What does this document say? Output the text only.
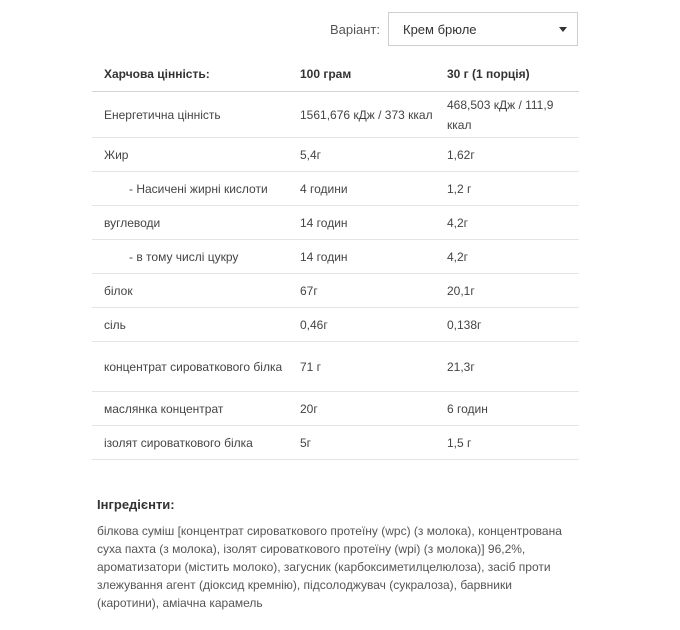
Варіант: Крем брюле
Харчова цінність:	100 грам	30 г (1 порція)
Енергетична цінність	1561,676 кДж / 373 ккал	468,503 кДж / 111,9 ккал
Жир	5,4г	1,62г
- Насичені жирні кислоти	4 години	1,2 г
вуглеводи	14 годин	4,2г
- в тому числі цукру	14 годин	4,2г
білок	67г	20,1г
сіль	0,46г	0,138г
концентрат сироваткового білка	71 г	21,3г
маслянка концентрат	20г	6 годин
ізолят сироваткового білка	5г	1,5 г
Інгредієнти:
білкова суміш [концентрат сироваткового протеїну (wpc) (з молока), концентрована суха пахта (з молока), ізолят сироваткового протеїну (wpi) (з молока)] 96,2%, ароматизатори (містить молоко), загусник (карбоксиметилцелюлоза), засіб проти злежування агент (діоксид кремнію), підсолоджувач (сукралоза), барвники (каротини), аміачна карамель
